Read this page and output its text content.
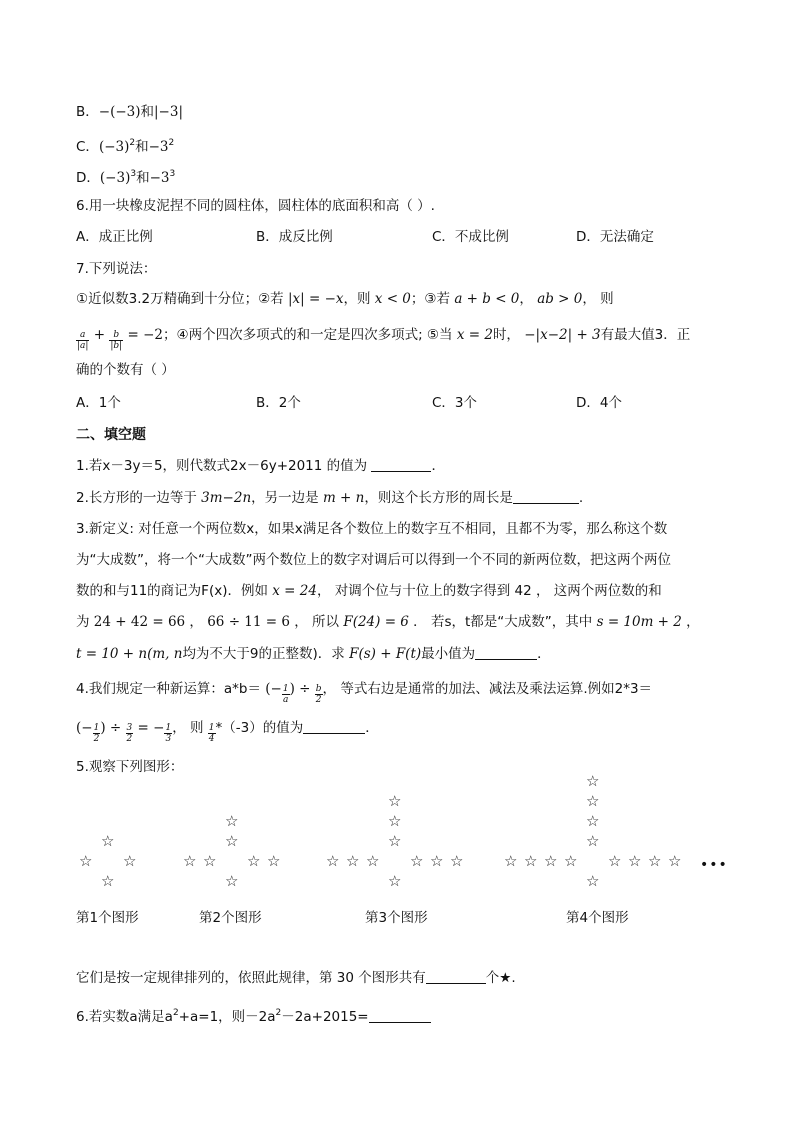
B．−(−3)和|−3|
C．$(-3)^2$和$-3^2$
D．$(-3)^3$和$-3^3$
6.用一块橡皮泥捏不同的圆柱体，圆柱体的底面积和高（ ）.
A．成正比例	B．成反比例	C．不成比例	D．无法确定
7.下列说法：
①近似数3.2万精确到十分位；②若 |x| = −x，则 x < 0；③若 a + b < 0， ab > 0， 则
$\frac{a}{|a|} + \frac{b}{|b|} = -2$；④两个四次多项式的和一定是四次多项式; ⑤当 x = 2时， −|x−2| + 3有最大值3．正
确的个数有（ ）
A．1个	B．2个	C．3个	D．4个
二、填空题
1.若x－3y＝5，则代数式2x－6y+2011 的值为	．
2.长方形的一边等于 3m−2n，另一边是 m + n，则这个长方形的周长是	.
3.新定义: 对任意一个两位数x，如果x满足各个数位上的数字互不相同，且都不为零，那么称这个数
为“大成数”，将一个“大成数”两个数位上的数字对调后可以得到一个不同的新两位数，把这两个两位
数的和与11的商记为F(x)．例如 x = 24， 对调个位与十位上的数字得到 42 ， 这两个两位数的和
为 24 + 42 = 66 ， 66 ÷ 11 = 6 ， 所以 F(24) = 6 ． 若s，t都是“大成数”，其中 s = 10m + 2 ，
t = 10 + n(m, n均为不大于9的正整数)．求 F(s) + F(t)最小值为	．
4.我们规定一种新运算：a*b＝ (− $\frac{1}{a}$ ) ÷ $\frac{b}{2}$ ， 等式右边是通常的加法、减法及乘法运算.例如2*3＝
(− $\frac{1}{2}$ ) ÷ $\frac{3}{2}$ = − $\frac{1}{3}$ ， 则 $\frac{1}{4} *(-3)$的值为	．
5.观察下列图形：
☆ ☆
☆
☆
☆ ☆
☆
☆	☆
☆
☆
☆ ☆
☆
☆	☆
☆
☆	☆
☆
☆
☆ ☆
☆
☆	☆
☆
☆	☆
☆
☆	☆
☆
☆
第1个图形	第2个图形	第3个图形	第4个图形
•••
它们是按一定规律排列的，依照此规律，第 30 个图形共有	个★.
6.若实数a满足$a^2+a=1$，则$-2a^2-2a+2015=$
